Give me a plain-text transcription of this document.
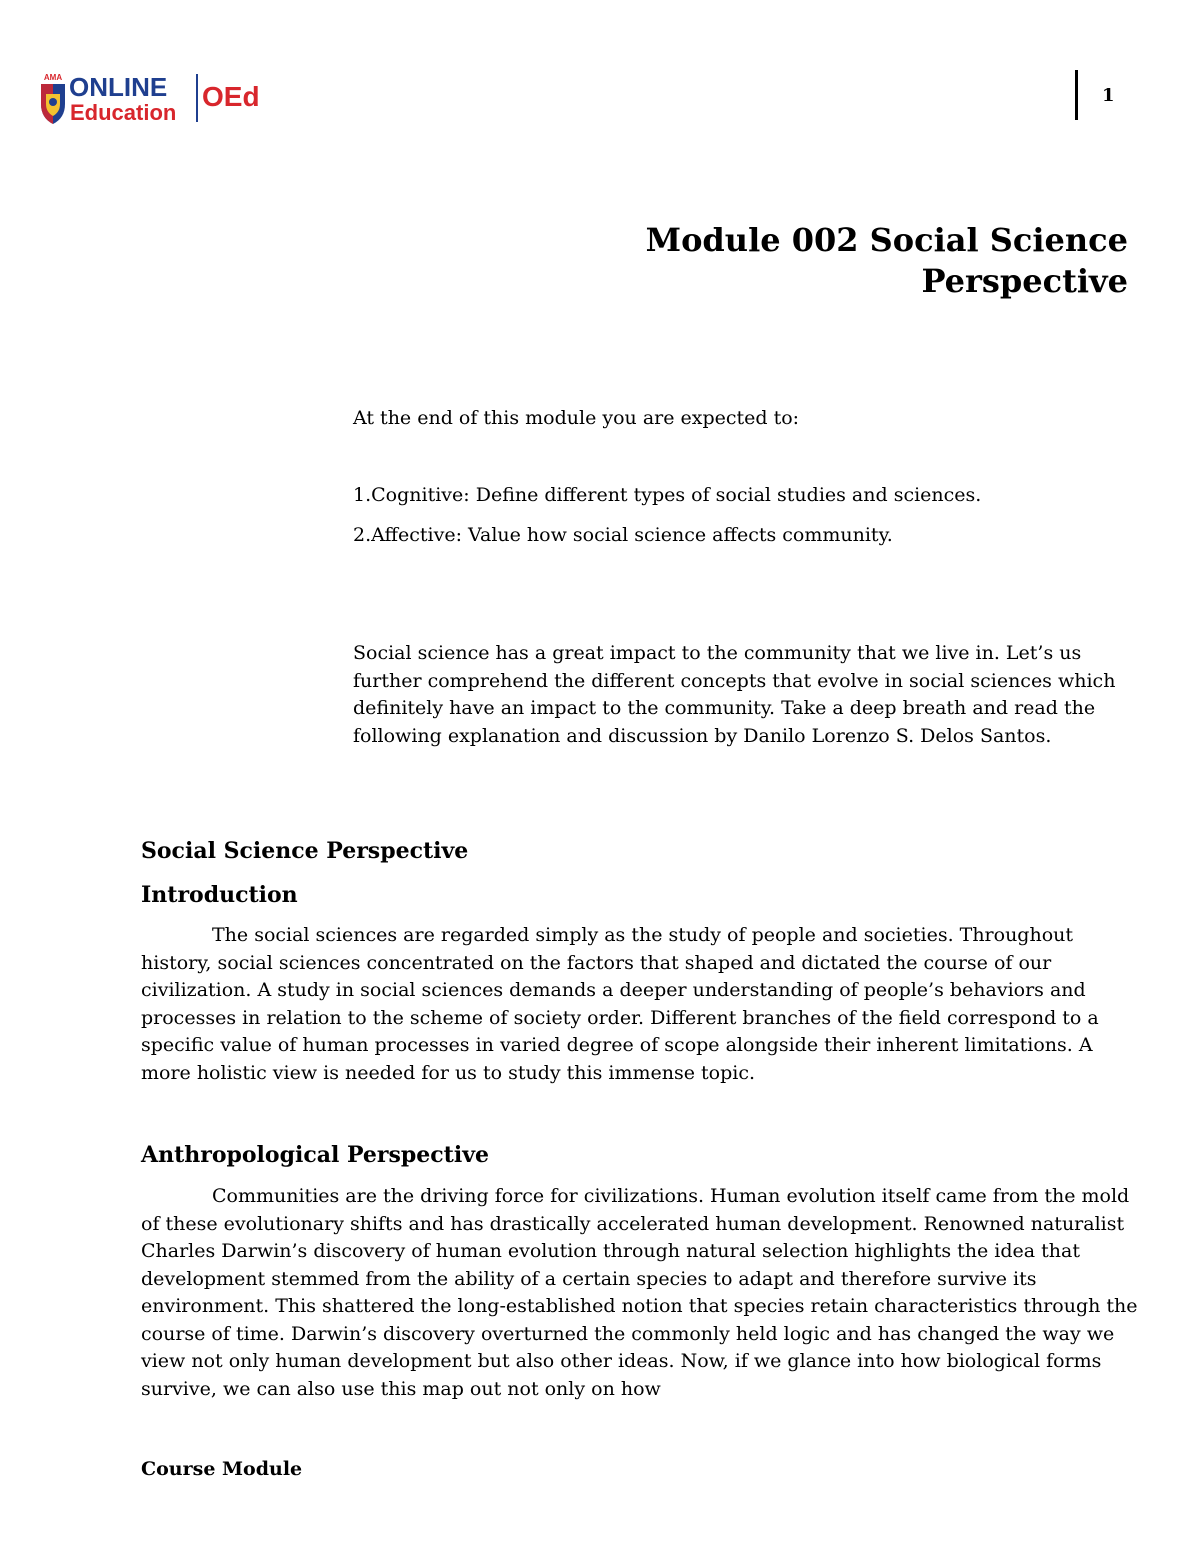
AMA ONLINE
Education
OEd	1
Module 002 Social Science
Perspective

At the end of this module you are expected to:

1.Cognitive: Define different types of social studies and sciences.

2.Affective: Value how social science affects community.

Social science has a great impact to the community that we live in. Let’s us further comprehend the different concepts that evolve in social sciences which definitely have an impact to the community. Take a deep breath and read the following explanation and discussion by Danilo Lorenzo S. Delos Santos.

Social Science Perspective
Introduction

The social sciences are regarded simply as the study of people and societies. Throughout history, social sciences concentrated on the factors that shaped and dictated the course of our civilization. A study in social sciences demands a deeper understanding of people’s behaviors and processes in relation to the scheme of society order. Different branches of the field correspond to a specific value of human processes in varied degree of scope alongside their inherent limitations. A more holistic view is needed for us to study this immense topic.

Anthropological Perspective

Communities are the driving force for civilizations. Human evolution itself came from the mold of these evolutionary shifts and has drastically accelerated human development. Renowned naturalist Charles Darwin’s discovery of human evolution through natural selection highlights the idea that development stemmed from the ability of a certain species to adapt and therefore survive its environment. This shattered the long-established notion that species retain characteristics through the course of time. Darwin’s discovery overturned the commonly held logic and has changed the way we view not only human development but also other ideas. Now, if we glance into how biological forms survive, we can also use this map out not only on how

Course Module
